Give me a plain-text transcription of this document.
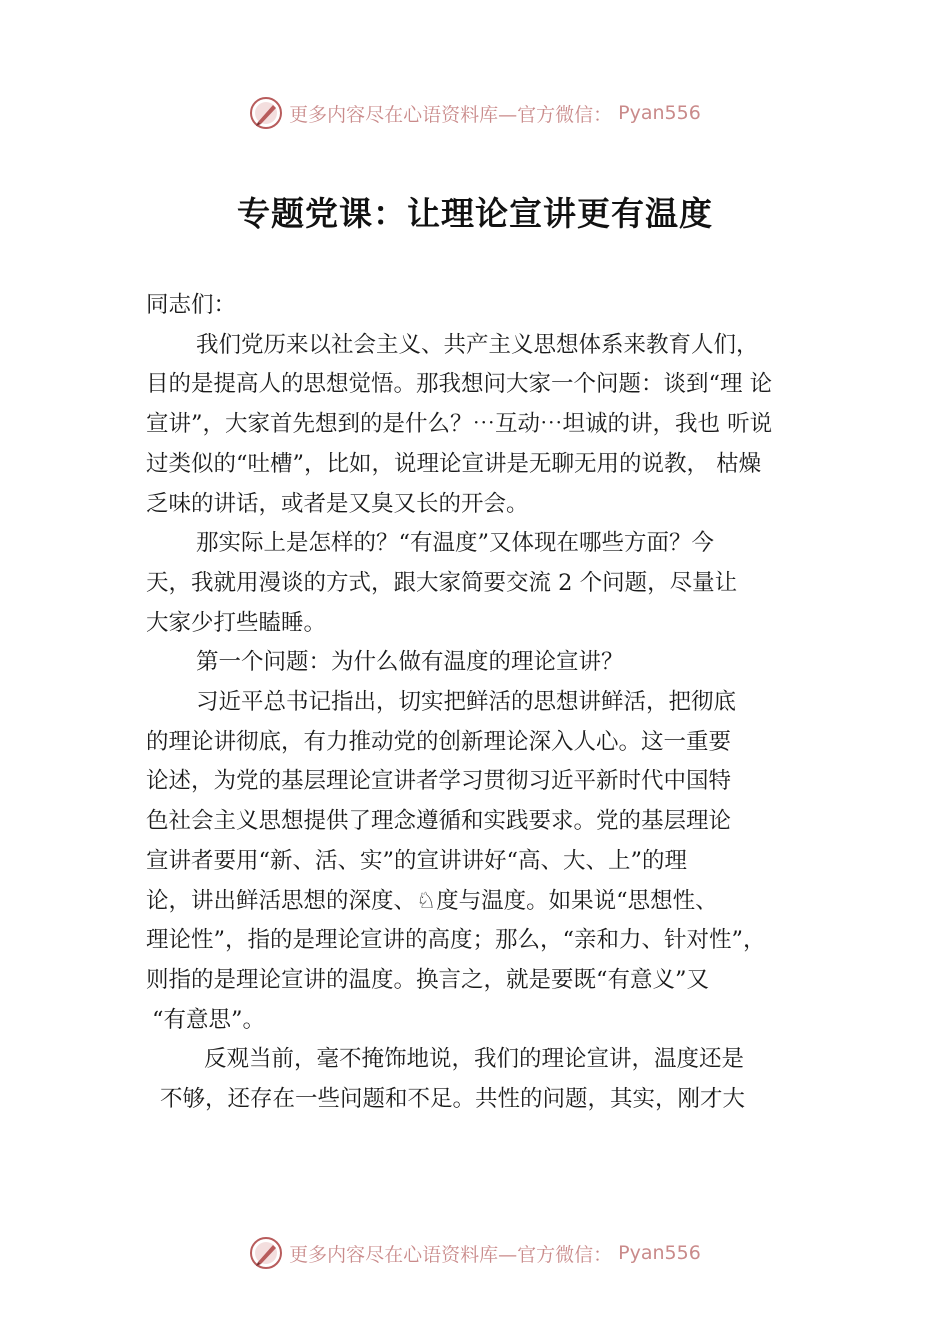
更多内容尽在心语资料库—官方微信： Pyan556
专题党课：让理论宣讲更有温度

同志们：

我们党历来以社会主义、共产主义思想体系来教育人们，

目的是提高人的思想觉悟。那我想问大家一个问题：谈到“理 论

宣讲”，大家首先想到的是什么？⋯互动⋯坦诚的讲，我也 听说

过类似的“吐槽”，比如，说理论宣讲是无聊无用的说教， 枯燥

乏味的讲话，或者是又臭又长的开会。

那实际上是怎样的？“有温度”又体现在哪些方面？今

天，我就用漫谈的方式，跟大家简要交流 2 个问题，尽量让

大家少打些瞌睡。

第一个问题：为什么做有温度的理论宣讲？

习近平总书记指出，切实把鲜活的思想讲鲜活，把彻底

的理论讲彻底，有力推动党的创新理论深入人心。这一重要

论述，为党的基层理论宣讲者学习贯彻习近平新时代中国特

色社会主义思想提供了理念遵循和实践要求。党的基层理论

宣讲者要用“新、活、实”的宣讲讲好“高、大、上”的理

论，讲出鲜活思想的深度、♘度与温度。如果说“思想性、

理论性”，指的是理论宣讲的高度；那么，“亲和力、针对性”，

则指的是理论宣讲的温度。换言之，就是要既“有意义”又

“有意思”。

反观当前，毫不掩饰地说，我们的理论宣讲，温度还是

不够，还存在一些问题和不足。共性的问题，其实，刚才大

更多内容尽在心语资料库—官方微信： Pyan556
